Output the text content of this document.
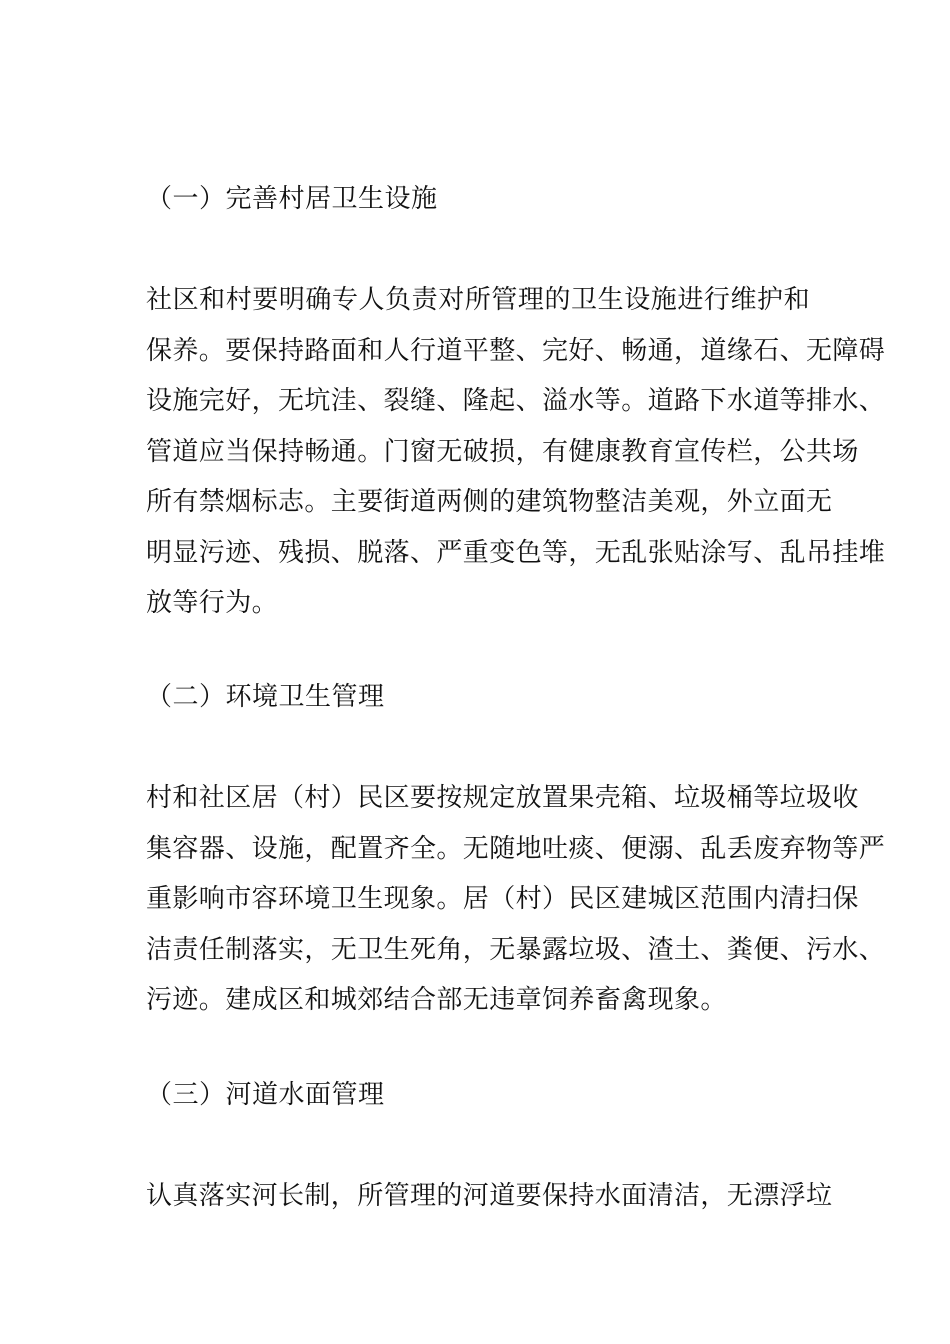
（一）完善村居卫生设施
社区和村要明确专人负责对所管理的卫生设施进行维护和
保养。要保持路面和人行道平整、完好、畅通，道缘石、无障碍
设施完好，无坑洼、裂缝、隆起、溢水等。道路下水道等排水、
管道应当保持畅通。门窗无破损，有健康教育宣传栏，公共场
所有禁烟标志。主要街道两侧的建筑物整洁美观，外立面无
明显污迹、残损、脱落、严重变色等，无乱张贴涂写、乱吊挂堆
放等行为。
（二）环境卫生管理
村和社区居（村）民区要按规定放置果壳箱、垃圾桶等垃圾收
集容器、设施，配置齐全。无随地吐痰、便溺、乱丢废弃物等严
重影响市容环境卫生现象。居（村）民区建城区范围内清扫保
洁责任制落实，无卫生死角，无暴露垃圾、渣土、粪便、污水、
污迹。建成区和城郊结合部无违章饲养畜禽现象。
（三）河道水面管理
认真落实河长制，所管理的河道要保持水面清洁，无漂浮垃
